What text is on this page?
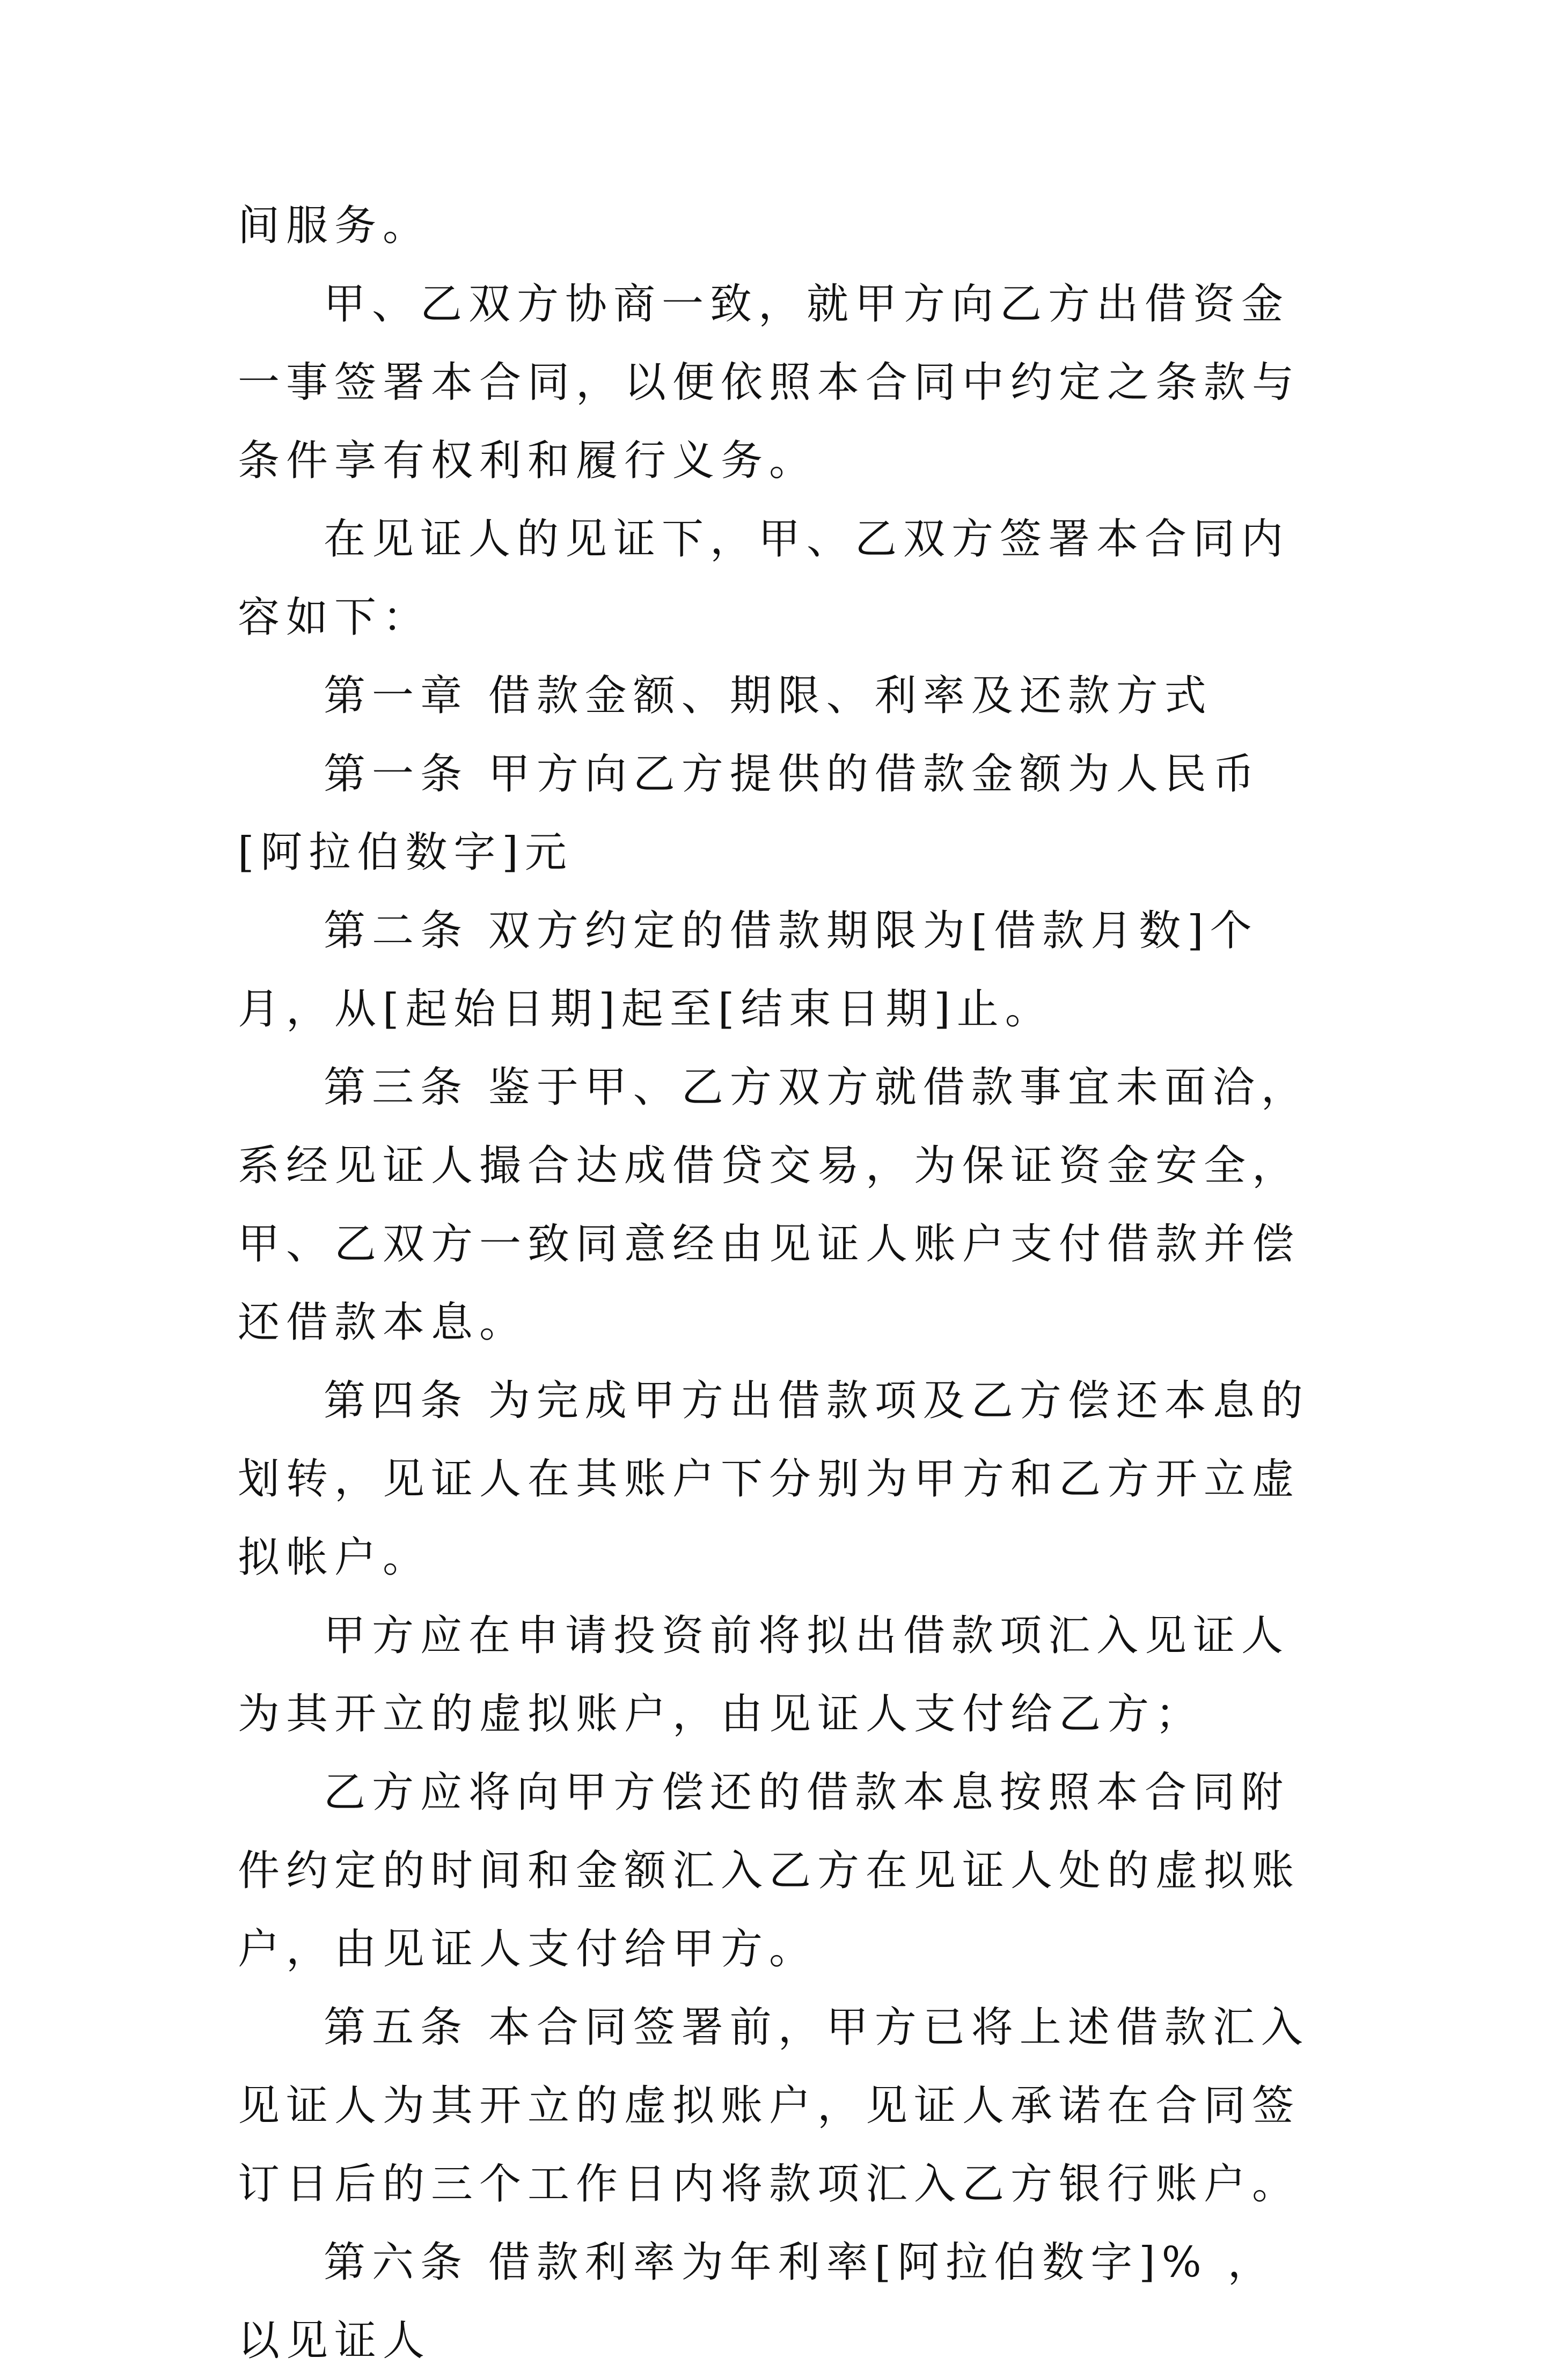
间服务。

甲、乙双方协商一致，就甲方向乙方出借资金一事签署本合同，以便依照本合同中约定之条款与条件享有权利和履行义务。

在见证人的见证下，甲、乙双方签署本合同内容如下：

第一章 借款金额、期限、利率及还款方式

第一条 甲方向乙方提供的借款金额为人民币[阿拉伯数字]元

第二条 双方约定的借款期限为[借款月数]个月，从[起始日期]起至[结束日期]止。

第三条 鉴于甲、乙方双方就借款事宜未面洽，系经见证人撮合达成借贷交易，为保证资金安全，甲、乙双方一致同意经由见证人账户支付借款并偿还借款本息。

第四条 为完成甲方出借款项及乙方偿还本息的划转，见证人在其账户下分别为甲方和乙方开立虚拟帐户。

甲方应在申请投资前将拟出借款项汇入见证人为其开立的虚拟账户，由见证人支付给乙方；

乙方应将向甲方偿还的借款本息按照本合同附件约定的时间和金额汇入乙方在见证人处的虚拟账户，由见证人支付给甲方。

第五条 本合同签署前，甲方已将上述借款汇入见证人为其开立的虚拟账户，见证人承诺在合同签订日后的三个工作日内将款项汇入乙方银行账户。

第六条 借款利率为年利率[阿拉伯数字]% ，以见证人
